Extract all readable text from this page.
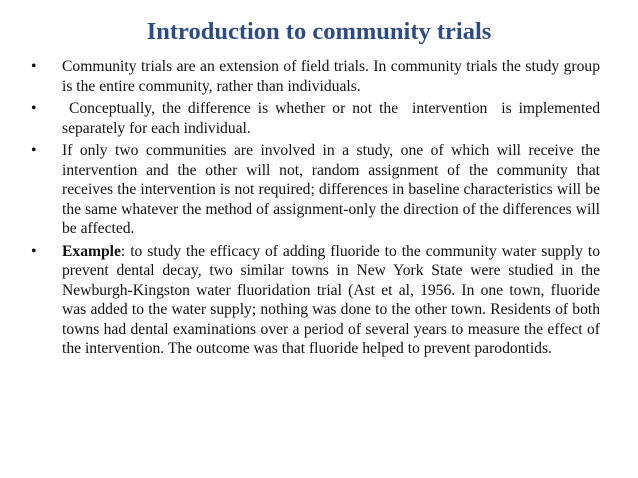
Introduction to community trials
• Community trials are an extension of field trials. In community trials the study group is the entire community, rather than individuals.
• Conceptually, the difference is whether or not the  intervention  is implemented separately for each individual.
• If only two communities are involved in a study, one of which will receive the intervention and the other will not, random assignment of the community that receives the intervention is not required; differences in baseline characteristics will be the same whatever the method of assignment-only the direction of the differences will be affected.
• Example: to study the efficacy of adding fluoride to the community water supply to prevent dental decay, two similar towns in New York State were studied in the Newburgh-Kingston water fluoridation trial (Ast et al, 1956. In one town, fluoride was added to the water supply; nothing was done to the other town. Residents of both towns had dental examinations over a period of several years to measure the effect of the intervention. The outcome was that fluoride helped to prevent parodontids.
